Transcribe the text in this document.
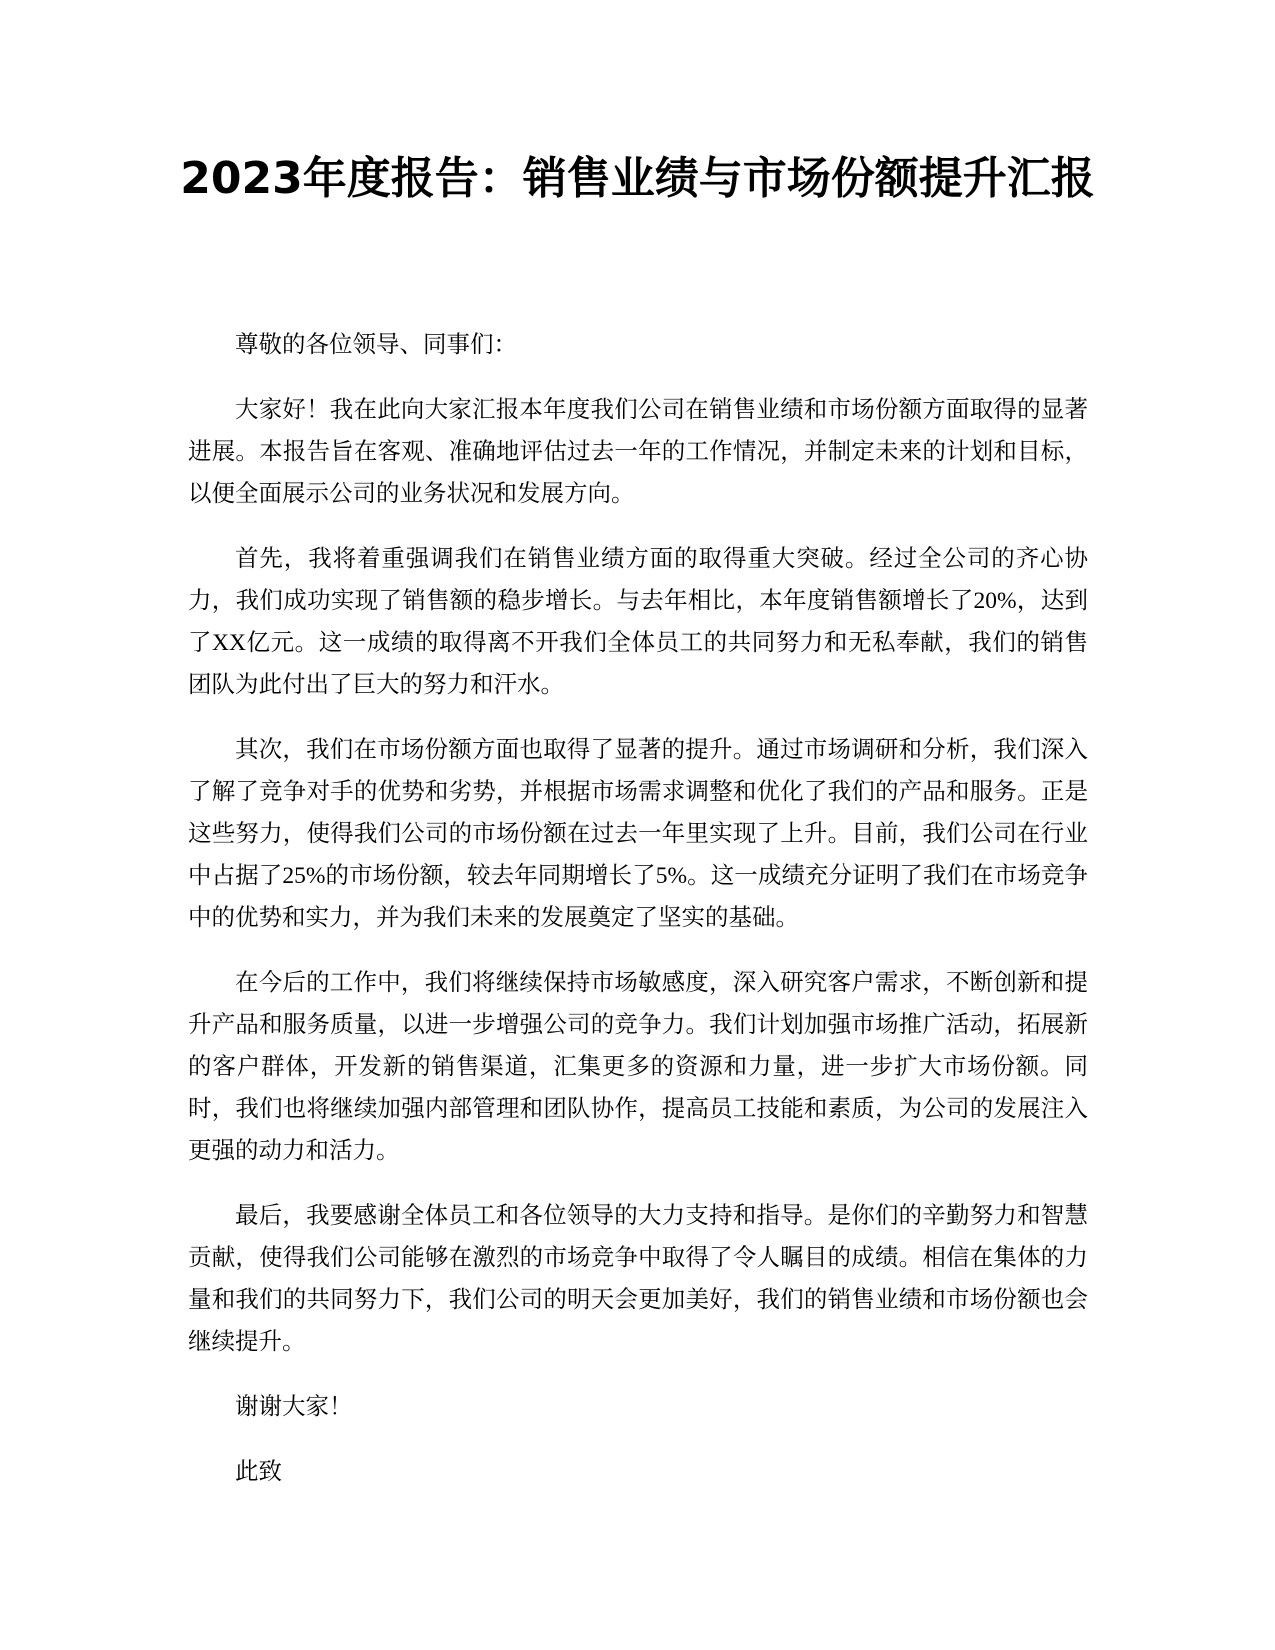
2023年度报告：销售业绩与市场份额提升汇报

尊敬的各位领导、同事们：

大家好！我在此向大家汇报本年度我们公司在销售业绩和市场份额方面取得的显著进展。本报告旨在客观、准确地评估过去一年的工作情况，并制定未来的计划和目标，以便全面展示公司的业务状况和发展方向。

首先，我将着重强调我们在销售业绩方面的取得重大突破。经过全公司的齐心协力，我们成功实现了销售额的稳步增长。与去年相比，本年度销售额增长了20%，达到了XX亿元。这一成绩的取得离不开我们全体员工的共同努力和无私奉献，我们的销售团队为此付出了巨大的努力和汗水。

其次，我们在市场份额方面也取得了显著的提升。通过市场调研和分析，我们深入了解了竞争对手的优势和劣势，并根据市场需求调整和优化了我们的产品和服务。正是这些努力，使得我们公司的市场份额在过去一年里实现了上升。目前，我们公司在行业中占据了25%的市场份额，较去年同期增长了5%。这一成绩充分证明了我们在市场竞争中的优势和实力，并为我们未来的发展奠定了坚实的基础。

在今后的工作中，我们将继续保持市场敏感度，深入研究客户需求，不断创新和提升产品和服务质量，以进一步增强公司的竞争力。我们计划加强市场推广活动，拓展新的客户群体，开发新的销售渠道，汇集更多的资源和力量，进一步扩大市场份额。同时，我们也将继续加强内部管理和团队协作，提高员工技能和素质，为公司的发展注入更强的动力和活力。

最后，我要感谢全体员工和各位领导的大力支持和指导。是你们的辛勤努力和智慧贡献，使得我们公司能够在激烈的市场竞争中取得了令人瞩目的成绩。相信在集体的力量和我们的共同努力下，我们公司的明天会更加美好，我们的销售业绩和市场份额也会继续提升。

谢谢大家！

此致
